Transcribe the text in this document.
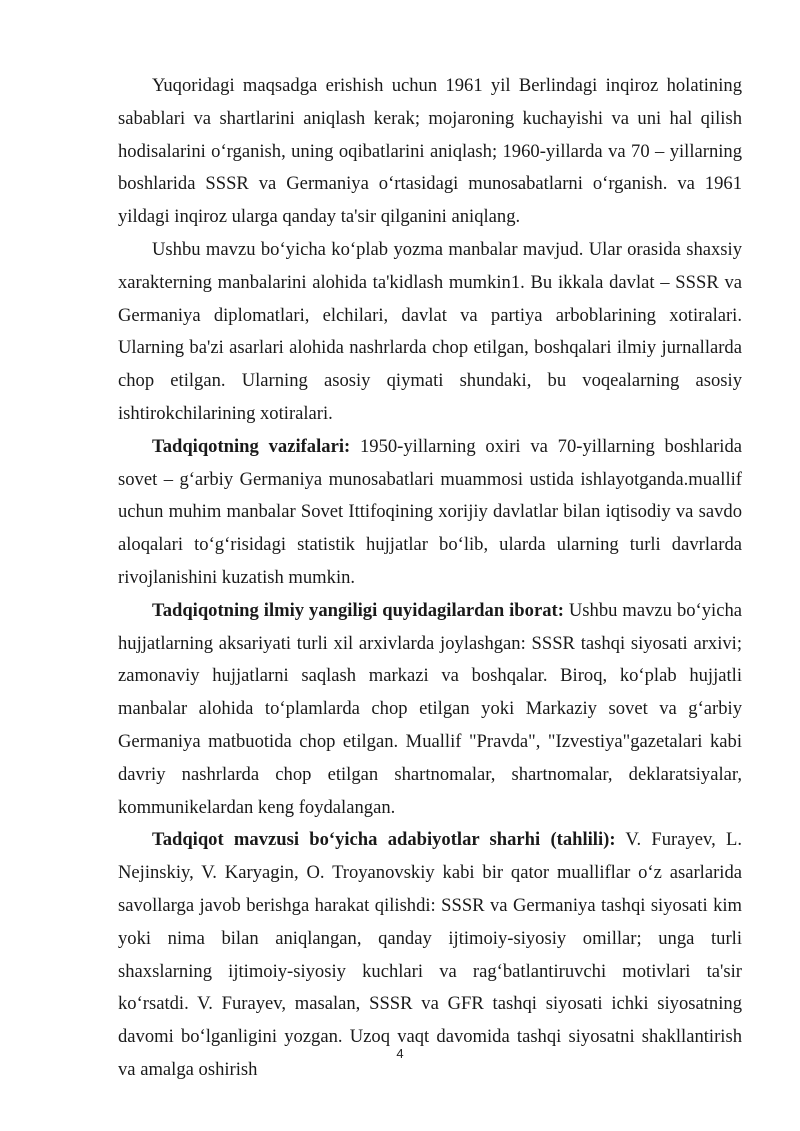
Yuqoridagi maqsadga erishish uchun 1961 yil Berlindagi inqiroz holatining sabablari va shartlarini aniqlash kerak; mojaroning kuchayishi va uni hal qilish hodisalarini o‘rganish, uning oqibatlarini aniqlash; 1960-yillarda va 70 – yillarning boshlarida SSSR va Germaniya o‘rtasidagi munosabatlarni o‘rganish. va 1961 yildagi inqiroz ularga qanday ta'sir qilganini aniqlang.

Ushbu mavzu bo‘yicha ko‘plab yozma manbalar mavjud. Ular orasida shaxsiy xarakterning manbalarini alohida ta'kidlash mumkin1. Bu ikkala davlat – SSSR va Germaniya diplomatlari, elchilari, davlat va partiya arboblarining xotiralari. Ularning ba'zi asarlari alohida nashrlarda chop etilgan, boshqalari ilmiy jurnallarda chop etilgan. Ularning asosiy qiymati shundaki, bu voqealarning asosiy ishtirokchilarining xotiralari.

Tadqiqotning vazifalari: 1950-yillarning oxiri va 70-yillarning boshlarida sovet – g‘arbiy Germaniya munosabatlari muammosi ustida ishlayotganda.muallif uchun muhim manbalar Sovet Ittifoqining xorijiy davlatlar bilan iqtisodiy va savdo aloqalari to‘g‘risidagi statistik hujjatlar bo‘lib, ularda ularning turli davrlarda rivojlanishini kuzatish mumkin.

Tadqiqotning ilmiy yangiligi quyidagilardan iborat: Ushbu mavzu bo‘yicha hujjatlarning aksariyati turli xil arxivlarda joylashgan: SSSR tashqi siyosati arxivi; zamonaviy hujjatlarni saqlash markazi va boshqalar. Biroq, ko‘plab hujjatli manbalar alohida to‘plamlarda chop etilgan yoki Markaziy sovet va g‘arbiy Germaniya matbuotida chop etilgan. Muallif "Pravda", "Izvestiya"gazetalari kabi davriy nashrlarda chop etilgan shartnomalar, shartnomalar, deklaratsiyalar, kommunikelardan keng foydalangan.

Tadqiqot mavzusi bo‘yicha adabiyotlar sharhi (tahlili): V. Furayev, L. Nejinskiy, V. Karyagin, O. Troyanovskiy kabi bir qator mualliflar o‘z asarlarida savollarga javob berishga harakat qilishdi: SSSR va Germaniya tashqi siyosati kim yoki nima bilan aniqlangan, qanday ijtimoiy-siyosiy omillar; unga turli shaxslarning ijtimoiy-siyosiy kuchlari va rag‘batlantiruvchi motivlari ta'sir ko‘rsatdi. V. Furayev, masalan, SSSR va GFR tashqi siyosati ichki siyosatning davomi bo‘lganligini yozgan. Uzoq vaqt davomida tashqi siyosatni shakllantirish va amalga oshirish

4
